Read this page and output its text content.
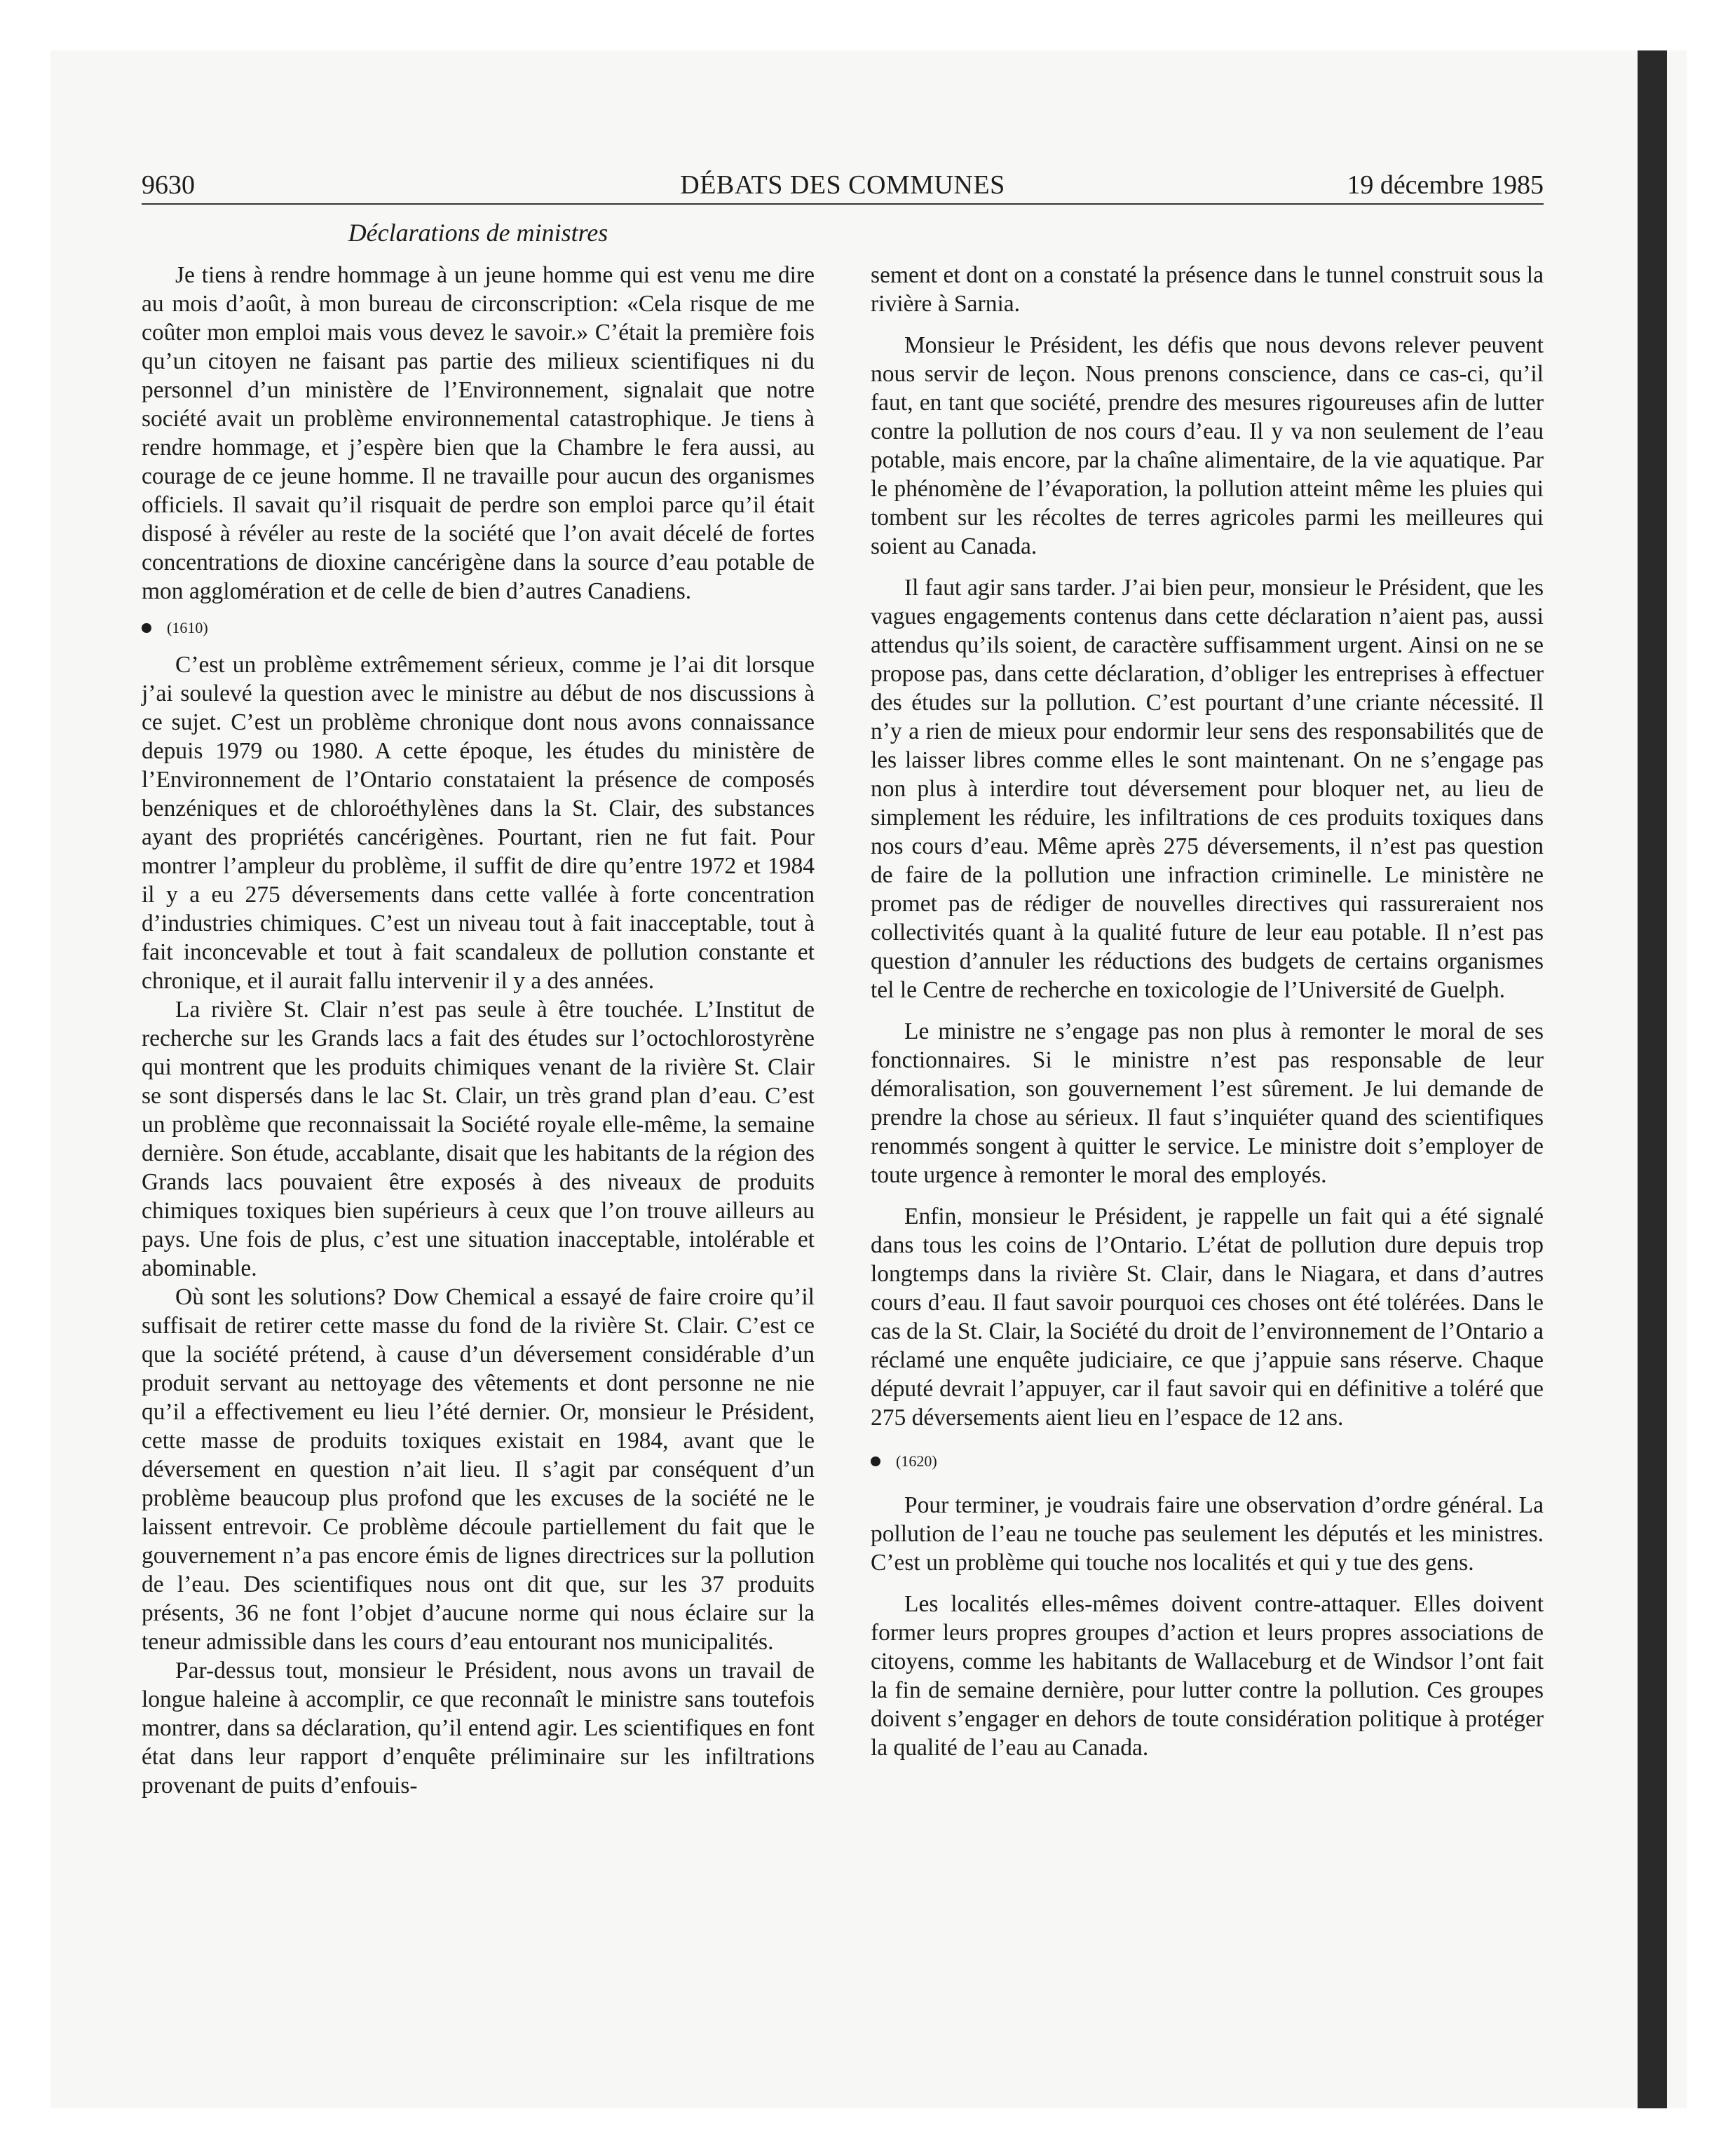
9630	DÉBATS DES COMMUNES	19 décembre 1985
Déclarations de ministres

Je tiens à rendre hommage à un jeune homme qui est venu me dire au mois d’août, à mon bureau de circonscription: «Cela risque de me coûter mon emploi mais vous devez le savoir.» C’était la première fois qu’un citoyen ne faisant pas partie des milieux scientifiques ni du personnel d’un ministère de l’Environnement, signalait que notre société avait un problème environnemental catastrophique. Je tiens à rendre hommage, et j’espère bien que la Chambre le fera aussi, au courage de ce jeune homme. Il ne travaille pour aucun des organismes officiels. Il savait qu’il risquait de perdre son emploi parce qu’il était disposé à révéler au reste de la société que l’on avait décelé de fortes concentrations de dioxine cancérigène dans la source d’eau potable de mon agglomération et de celle de bien d’autres Canadiens.

(1610)

C’est un problème extrêmement sérieux, comme je l’ai dit lorsque j’ai soulevé la question avec le ministre au début de nos discussions à ce sujet. C’est un problème chronique dont nous avons connaissance depuis 1979 ou 1980. A cette époque, les études du ministère de l’Environnement de l’Ontario constataient la présence de composés benzéniques et de chloroéthylènes dans la St. Clair, des substances ayant des propriétés cancérigènes. Pourtant, rien ne fut fait. Pour montrer l’ampleur du problème, il suffit de dire qu’entre 1972 et 1984 il y a eu 275 déversements dans cette vallée à forte concentration d’industries chimiques. C’est un niveau tout à fait inacceptable, tout à fait inconcevable et tout à fait scandaleux de pollution constante et chronique, et il aurait fallu intervenir il y a des années.

La rivière St. Clair n’est pas seule à être touchée. L’Institut de recherche sur les Grands lacs a fait des études sur l’octochlorostyrène qui montrent que les produits chimiques venant de la rivière St. Clair se sont dispersés dans le lac St. Clair, un très grand plan d’eau. C’est un problème que reconnaissait la Société royale elle-même, la semaine dernière. Son étude, accablante, disait que les habitants de la région des Grands lacs pouvaient être exposés à des niveaux de produits chimiques toxiques bien supérieurs à ceux que l’on trouve ailleurs au pays. Une fois de plus, c’est une situation inacceptable, intolérable et abominable.

Où sont les solutions? Dow Chemical a essayé de faire croire qu’il suffisait de retirer cette masse du fond de la rivière St. Clair. C’est ce que la société prétend, à cause d’un déversement considérable d’un produit servant au nettoyage des vêtements et dont personne ne nie qu’il a effectivement eu lieu l’été dernier. Or, monsieur le Président, cette masse de produits toxiques existait en 1984, avant que le déversement en question n’ait lieu. Il s’agit par conséquent d’un problème beaucoup plus profond que les excuses de la société ne le laissent entrevoir. Ce problème découle partiellement du fait que le gouvernement n’a pas encore émis de lignes directrices sur la pollution de l’eau. Des scientifiques nous ont dit que, sur les 37 produits présents, 36 ne font l’objet d’aucune norme qui nous éclaire sur la teneur admissible dans les cours d’eau entourant nos municipalités.

Par-dessus tout, monsieur le Président, nous avons un travail de longue haleine à accomplir, ce que reconnaît le ministre sans toutefois montrer, dans sa déclaration, qu’il entend agir. Les scientifiques en font état dans leur rapport d’enquête préliminaire sur les infiltrations provenant de puits d’enfouis-

sement et dont on a constaté la présence dans le tunnel construit sous la rivière à Sarnia.

Monsieur le Président, les défis que nous devons relever peuvent nous servir de leçon. Nous prenons conscience, dans ce cas-ci, qu’il faut, en tant que société, prendre des mesures rigoureuses afin de lutter contre la pollution de nos cours d’eau. Il y va non seulement de l’eau potable, mais encore, par la chaîne alimentaire, de la vie aquatique. Par le phénomène de l’évaporation, la pollution atteint même les pluies qui tombent sur les récoltes de terres agricoles parmi les meilleures qui soient au Canada.

Il faut agir sans tarder. J’ai bien peur, monsieur le Président, que les vagues engagements contenus dans cette déclaration n’aient pas, aussi attendus qu’ils soient, de caractère suffisamment urgent. Ainsi on ne se propose pas, dans cette déclaration, d’obliger les entreprises à effectuer des études sur la pollution. C’est pourtant d’une criante nécessité. Il n’y a rien de mieux pour endormir leur sens des responsabilités que de les laisser libres comme elles le sont maintenant. On ne s’engage pas non plus à interdire tout déversement pour bloquer net, au lieu de simplement les réduire, les infiltrations de ces produits toxiques dans nos cours d’eau. Même après 275 déversements, il n’est pas question de faire de la pollution une infraction criminelle. Le ministère ne promet pas de rédiger de nouvelles directives qui rassureraient nos collectivités quant à la qualité future de leur eau potable. Il n’est pas question d’annuler les réductions des budgets de certains organismes tel le Centre de recherche en toxicologie de l’Université de Guelph.

Le ministre ne s’engage pas non plus à remonter le moral de ses fonctionnaires. Si le ministre n’est pas responsable de leur démoralisation, son gouvernement l’est sûrement. Je lui demande de prendre la chose au sérieux. Il faut s’inquiéter quand des scientifiques renommés songent à quitter le service. Le ministre doit s’employer de toute urgence à remonter le moral des employés.

Enfin, monsieur le Président, je rappelle un fait qui a été signalé dans tous les coins de l’Ontario. L’état de pollution dure depuis trop longtemps dans la rivière St. Clair, dans le Niagara, et dans d’autres cours d’eau. Il faut savoir pourquoi ces choses ont été tolérées. Dans le cas de la St. Clair, la Société du droit de l’environnement de l’Ontario a réclamé une enquête judiciaire, ce que j’appuie sans réserve. Chaque député devrait l’appuyer, car il faut savoir qui en définitive a toléré que 275 déversements aient lieu en l’espace de 12 ans.

(1620)

Pour terminer, je voudrais faire une observation d’ordre général. La pollution de l’eau ne touche pas seulement les députés et les ministres. C’est un problème qui touche nos localités et qui y tue des gens.

Les localités elles-mêmes doivent contre-attaquer. Elles doivent former leurs propres groupes d’action et leurs propres associations de citoyens, comme les habitants de Wallaceburg et de Windsor l’ont fait la fin de semaine dernière, pour lutter contre la pollution. Ces groupes doivent s’engager en dehors de toute considération politique à protéger la qualité de l’eau au Canada.
